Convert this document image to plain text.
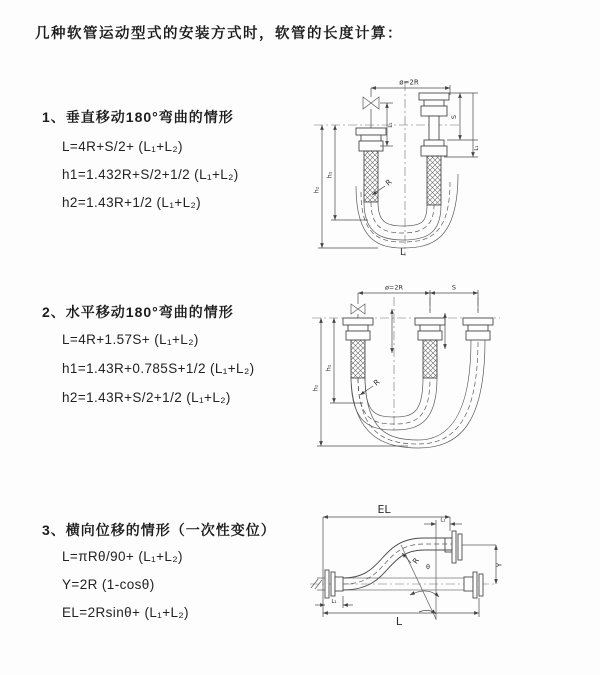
几种软管运动型式的安装方式时，软管的长度计算：
1、垂直移动180°弯曲的情形
L=4R+S/2+ (L₁+L₂)
h1=1.432R+S/2+1/2 (L₁+L₂)
h2=1.43R+1/2 (L₁+L₂)
2、水平移动180°弯曲的情形
L=4R+1.57S+ (L₁+L₂)
h1=1.43R+0.785S+1/2 (L₁+L₂)
h2=1.43R+S/2+1/2 (L₁+L₂)
3、横向位移的情形（一次性变位）
L=πRθ/90+ (L₁+L₂)
Y=2R (1-cosθ)
EL=2Rsinθ+ (L₁+L₂)
ø=2R
h₂
h₁
L₁
S
L₁
R
L
ø=2R	S
h₂
h₁
R
EL
L₁
Y
θ
R
L₁
L
